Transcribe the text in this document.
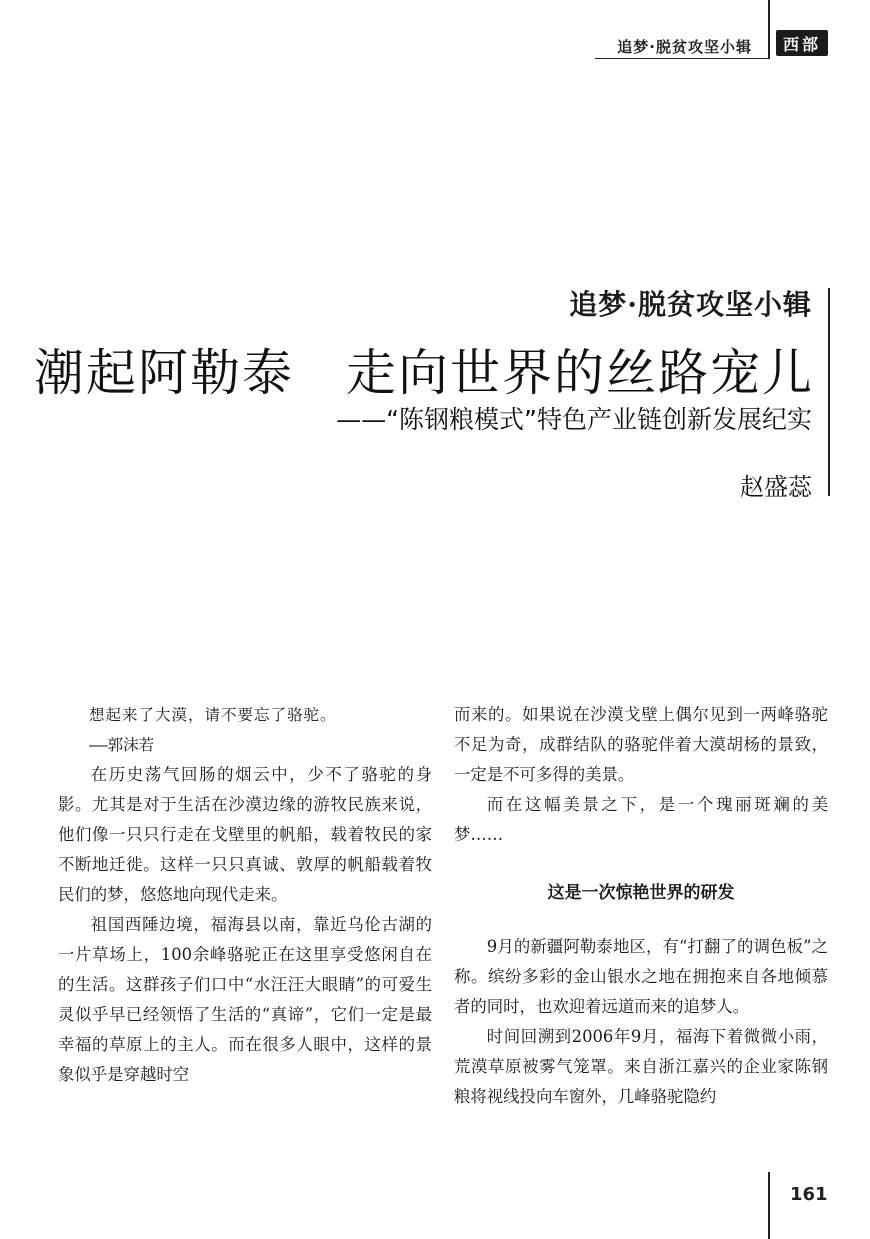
追梦·脱贫攻坚小辑	西部
追梦·脱贫攻坚小辑
潮起阿勒泰　走向世界的丝路宠儿
——“陈钢粮模式”特色产业链创新发展纪实
赵盛蕊

想起来了大漠，请不要忘了骆驼。

——郭沫若

在历史荡气回肠的烟云中，少不了骆驼的身影。尤其是对于生活在沙漠边缘的游牧民族来说，他们像一只只行走在戈壁里的帆船，载着牧民的家不断地迁徙。这样一只只真诚、敦厚的帆船载着牧民们的梦，悠悠地向现代走来。

祖国西陲边境，福海县以南，靠近乌伦古湖的一片草场上，100余峰骆驼正在这里享受悠闲自在的生活。这群孩子们口中“水汪汪大眼睛”的可爱生灵似乎早已经领悟了生活的“真谛”，它们一定是最幸福的草原上的主人。而在很多人眼中，这样的景象似乎是穿越时空

而来的。如果说在沙漠戈壁上偶尔见到一两峰骆驼不足为奇，成群结队的骆驼伴着大漠胡杨的景致，一定是不可多得的美景。

而在这幅美景之下，是一个瑰丽斑斓的美梦……

这是一次惊艳世界的研发

9月的新疆阿勒泰地区，有“打翻了的调色板”之称。缤纷多彩的金山银水之地在拥抱来自各地倾慕者的同时，也欢迎着远道而来的追梦人。

时间回溯到2006年9月，福海下着微微小雨，荒漠草原被雾气笼罩。来自浙江嘉兴的企业家陈钢粮将视线投向车窗外，几峰骆驼隐约

161
